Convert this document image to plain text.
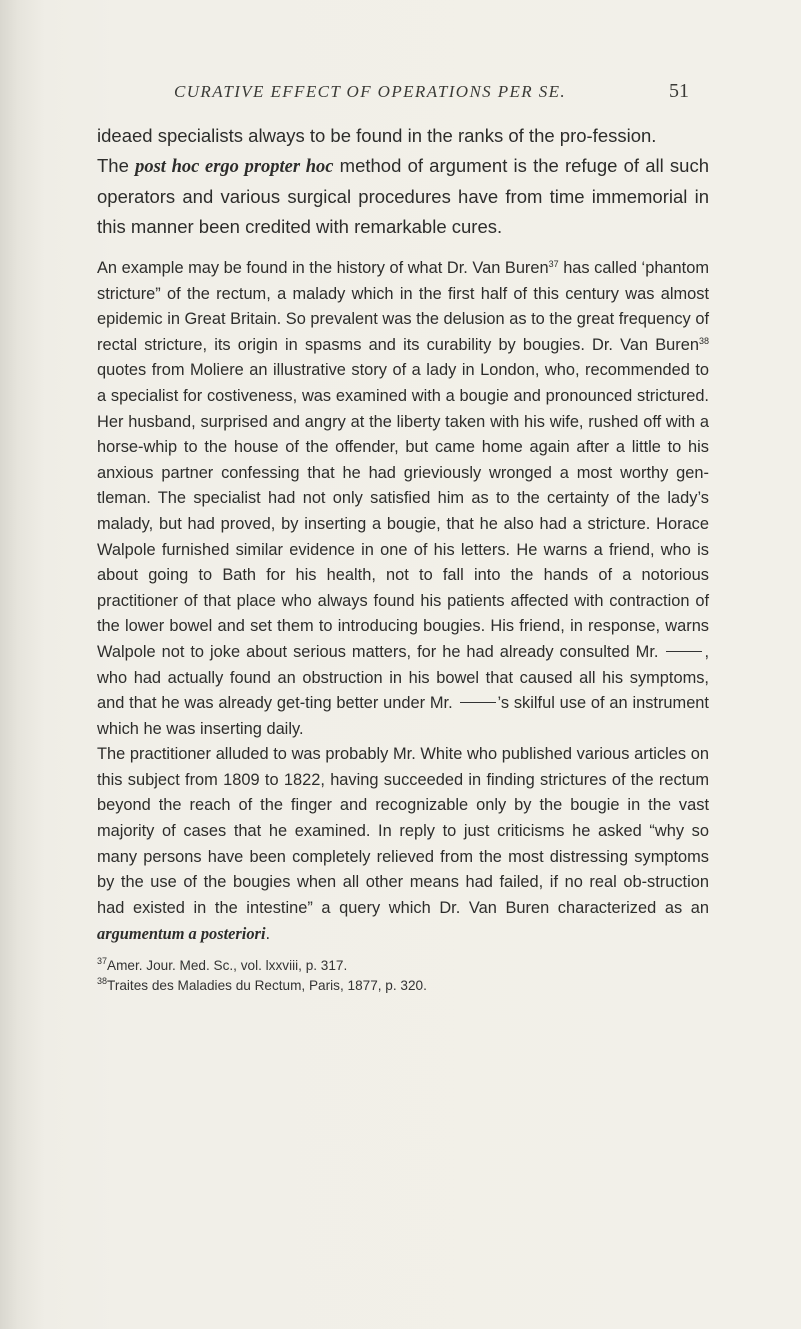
CURATIVE EFFECT OF OPERATIONS PER SE.	51

ideaed specialists always to be found in the ranks of the pro-fession.

The post hoc ergo propter hoc method of argument is the refuge of all such operators and various surgical procedures have from time immemorial in this manner been credited with remarkable cures.

An example may be found in the history of what Dr. Van Buren$^{37}$ has called ‘phantom stricture” of the rectum, a malady which in the first half of this century was almost epidemic in Great Britain. So prevalent was the delusion as to the great frequency of rectal stricture, its origin in spasms and its curability by bougies. Dr. Van Buren$^{38}$ quotes from Moliere an illustrative story of a lady in London, who, recommended to a specialist for costiveness, was examined with a bougie and pronounced strictured. Her husband, surprised and angry at the liberty taken with his wife, rushed off with a horse-whip to the house of the offender, but came home again after a little to his anxious partner confessing that he had grieviously wronged a most worthy gen-tleman. The specialist had not only satisfied him as to the certainty of the lady’s malady, but had proved, by inserting a bougie, that he also had a stricture. Horace Walpole furnished similar evidence in one of his letters. He warns a friend, who is about going to Bath for his health, not to fall into the hands of a notorious practitioner of that place who always found his patients affected with contraction of the lower bowel and set them to introducing bougies. His friend, in response, warns Walpole not to joke about serious matters, for he had already consulted Mr.	, who had actually found an obstruction in his bowel that caused all his symptoms, and that he was already get-ting better under Mr.	’s skilful use of an instrument which he was inserting daily.

The practitioner alluded to was probably Mr. White who published various articles on this subject from 1809 to 1822, having succeeded in finding strictures of the rectum beyond the reach of the finger and recognizable only by the bougie in the vast majority of cases that he examined. In reply to just criticisms he asked “why so many persons have been completely relieved from the most distressing symptoms by the use of the bougies when all other means had failed, if no real ob-struction had existed in the intestine” a query which Dr. Van Buren characterized as an argumentum a posteriori.

$^{37}$Amer. Jour. Med. Sc., vol. lxxviii, p. 317.
$^{38}$Traites des Maladies du Rectum, Paris, 1877, p. 320.
